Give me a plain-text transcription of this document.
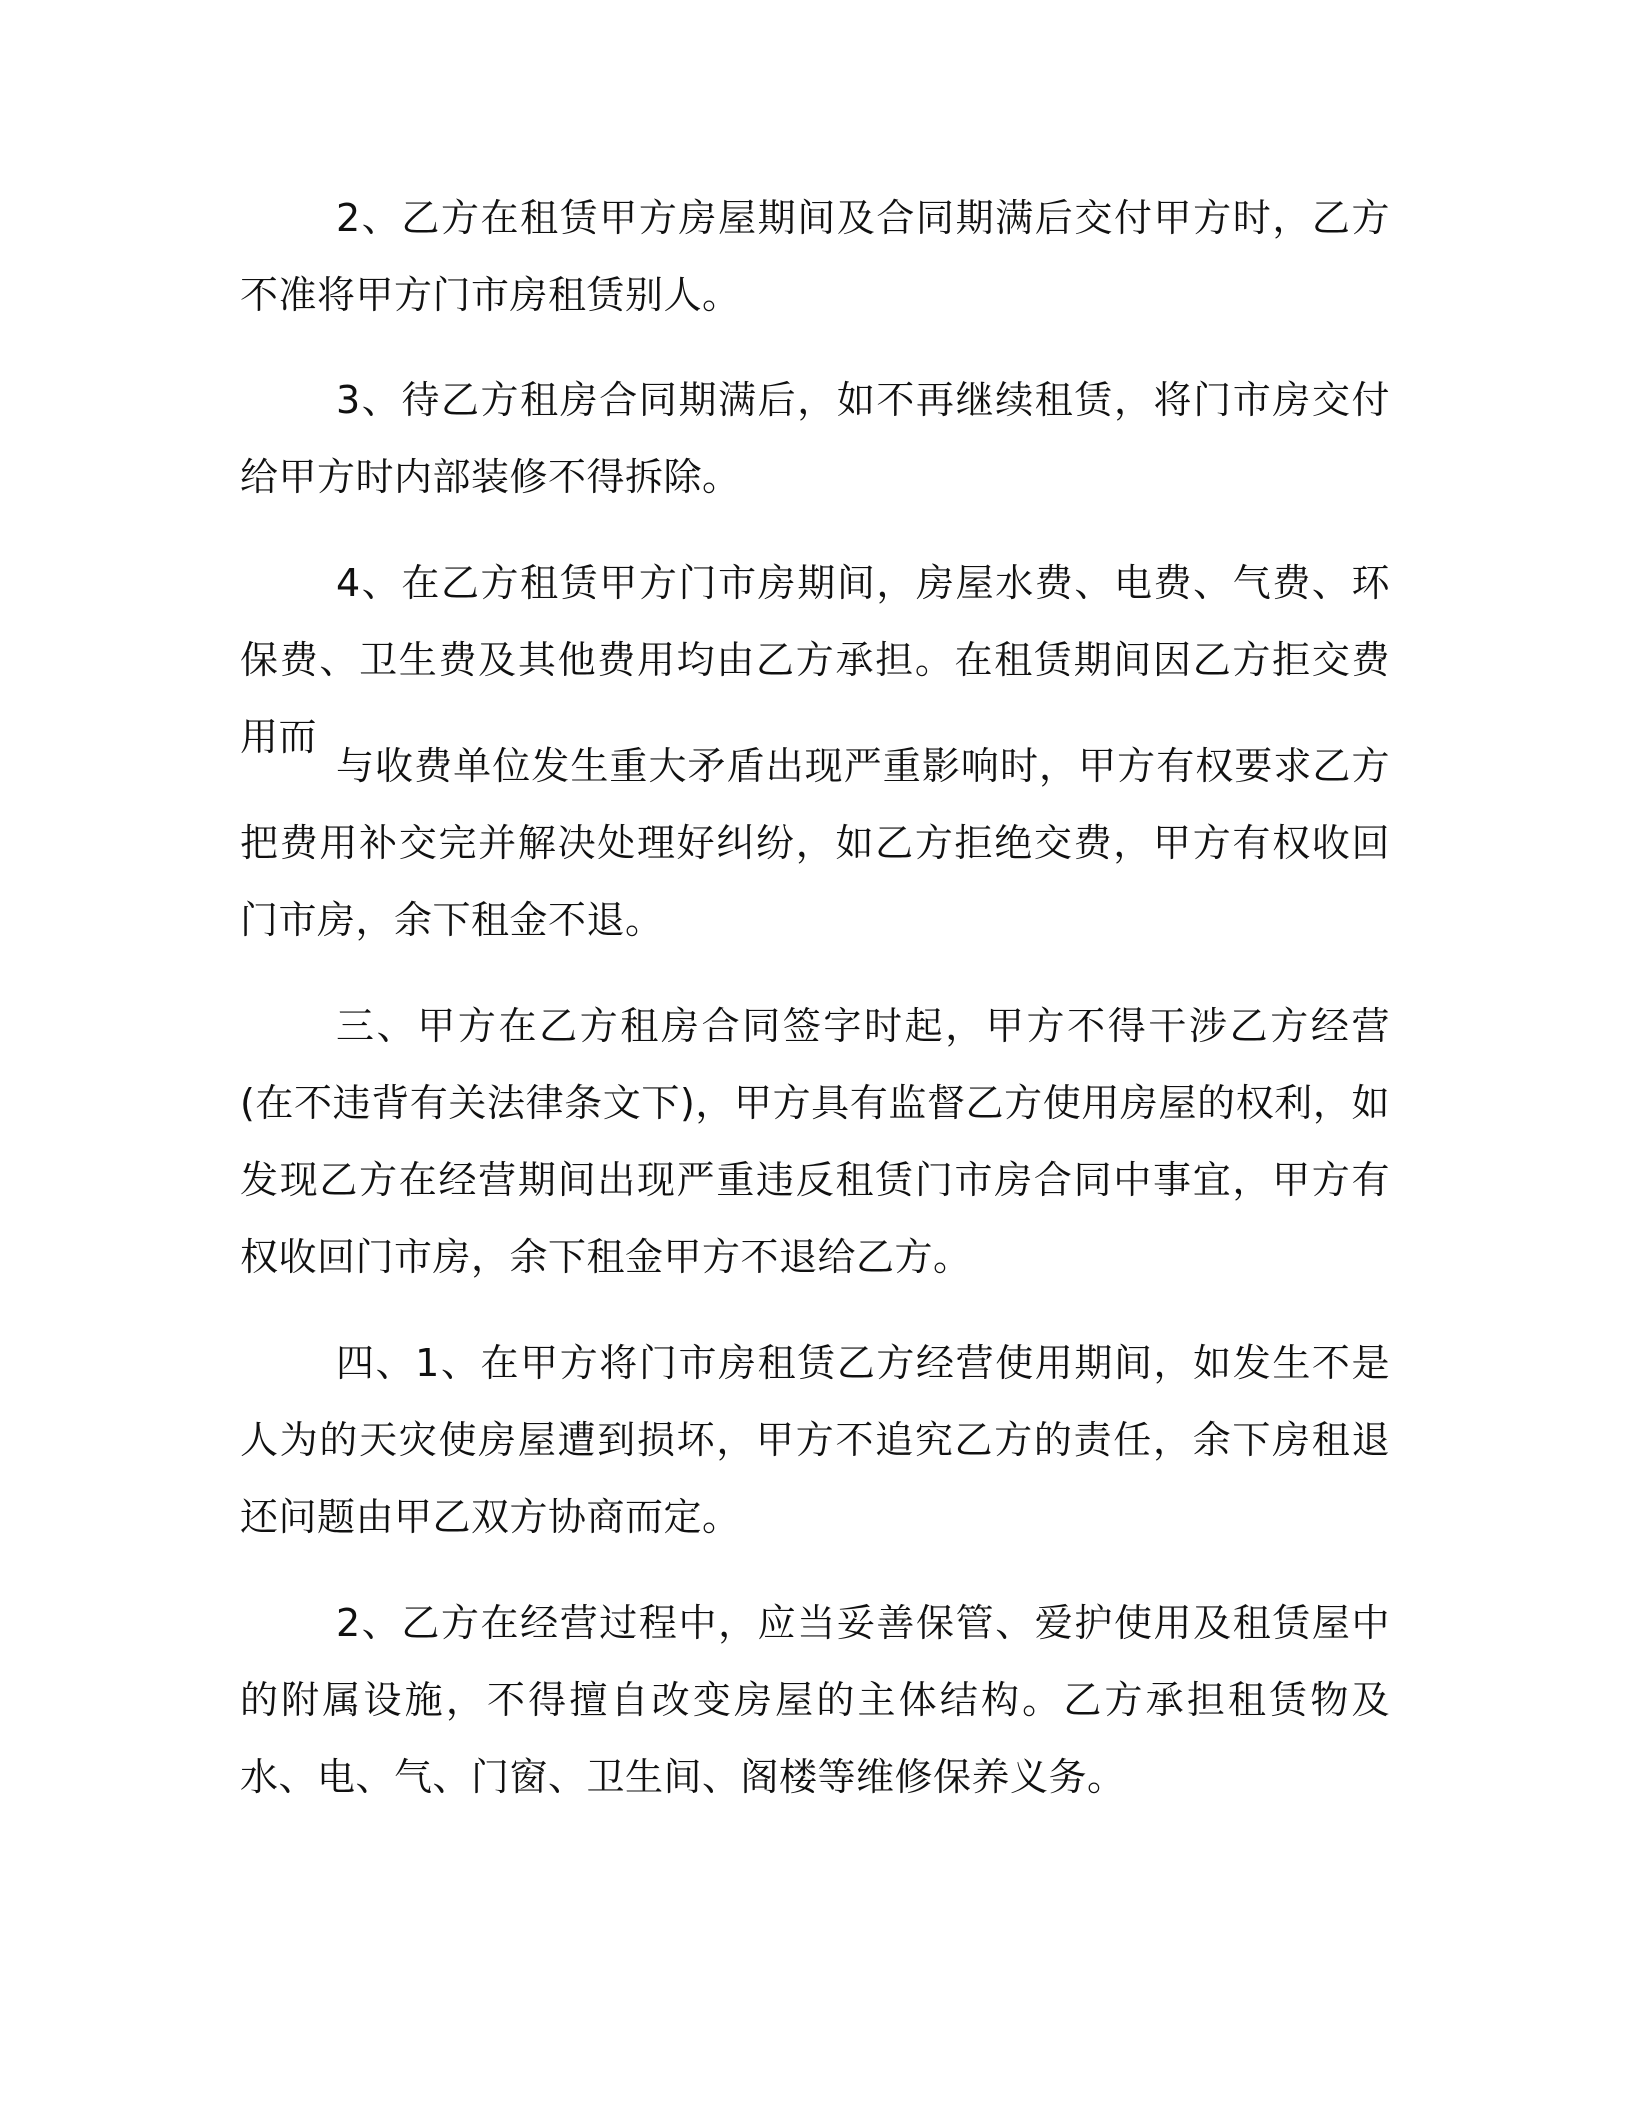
2、乙方在租赁甲方房屋期间及合同期满后交付甲方时，乙方不准将甲方门市房租赁别人。

3、待乙方租房合同期满后，如不再继续租赁，将门市房交付给甲方时内部装修不得拆除。

4、在乙方租赁甲方门市房期间，房屋水费、电费、气费、环保费、卫生费及其他费用均由乙方承担。在租赁期间因乙方拒交费用而

与收费单位发生重大矛盾出现严重影响时，甲方有权要求乙方把费用补交完并解决处理好纠纷，如乙方拒绝交费，甲方有权收回门市房，余下租金不退。

三、甲方在乙方租房合同签字时起，甲方不得干涉乙方经营(在不违背有关法律条文下)，甲方具有监督乙方使用房屋的权利，如发现乙方在经营期间出现严重违反租赁门市房合同中事宜，甲方有权收回门市房，余下租金甲方不退给乙方。

四、1、在甲方将门市房租赁乙方经营使用期间，如发生不是人为的天灾使房屋遭到损坏，甲方不追究乙方的责任，余下房租退还问题由甲乙双方协商而定。

2、乙方在经营过程中，应当妥善保管、爱护使用及租赁屋中的附属设施，不得擅自改变房屋的主体结构。乙方承担租赁物及水、电、气、门窗、卫生间、阁楼等维修保养义务。
